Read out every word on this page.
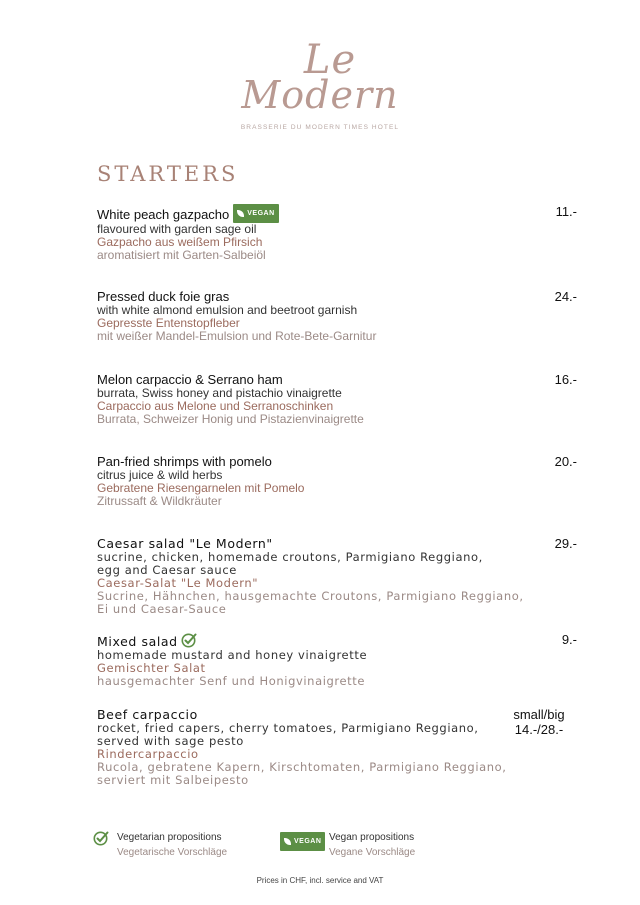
Le
Modern
BRASSERIE DU MODERN TIMES HOTEL
STARTERS
White peach gazpacho	VEGAN
flavoured with garden sage oil
Gazpacho aus weißem Pfirsich
aromatisiert mit Garten-Salbeiöl
11.-
Pressed duck foie gras
with white almond emulsion and beetroot garnish
Gepresste Entenstopfleber
mit weißer Mandel-Emulsion und Rote-Bete-Garnitur
24.-
Melon carpaccio & Serrano ham
burrata, Swiss honey and pistachio vinaigrette
Carpaccio aus Melone und Serranoschinken
Burrata, Schweizer Honig und Pistazienvinaigrette
16.-
Pan-fried shrimps with pomelo
citrus juice & wild herbs
Gebratene Riesengarnelen mit Pomelo
Zitrussaft & Wildkräuter
20.-
Caesar salad "Le Modern"
sucrine, chicken, homemade croutons, Parmigiano Reggiano,
egg and Caesar sauce
Caesar-Salat "Le Modern"
Sucrine, Hähnchen, hausgemachte Croutons, Parmigiano Reggiano,
Ei und Caesar-Sauce
29.-
Mixed salad
homemade mustard and honey vinaigrette
Gemischter Salat
hausgemachter Senf und Honigvinaigrette
9.-
Beef carpaccio
rocket, fried capers, cherry tomatoes, Parmigiano Reggiano,
served with sage pesto
Rindercarpaccio
Rucola, gebratene Kapern, Kirschtomaten, Parmigiano Reggiano,
serviert mit Salbeipesto
small/big
14.-/28.-
Vegetarian propositions
Vegetarische Vorschläge
VEGAN Vegan propositions
Vegane Vorschläge
Prices in CHF, incl. service and VAT
